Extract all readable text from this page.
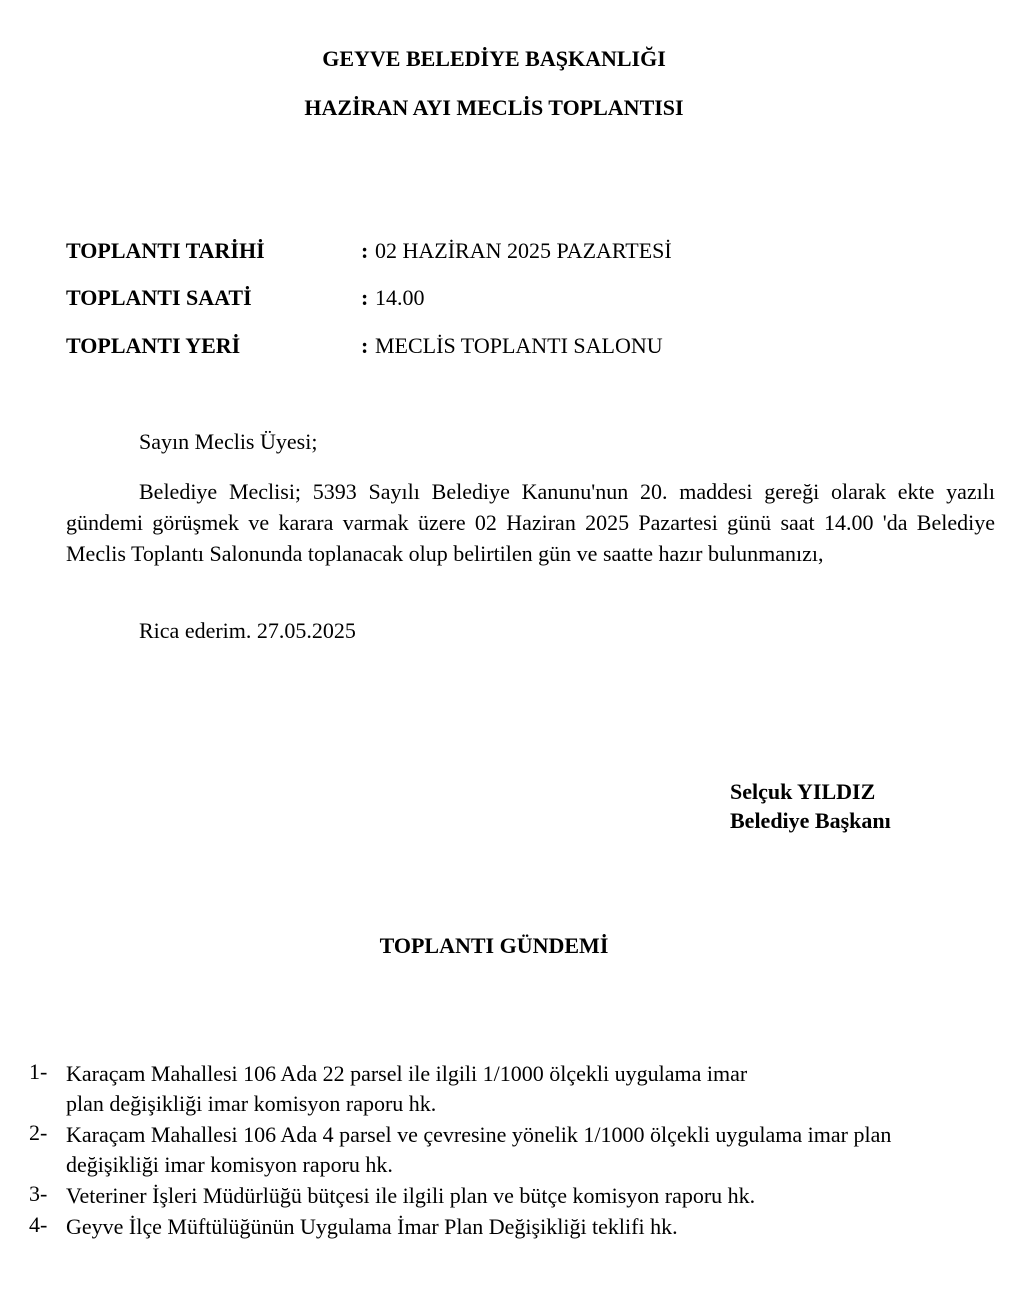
GEYVE BELEDİYE BAŞKANLIĞI
HAZİRAN AYI MECLİS TOPLANTISI
TOPLANTI TARİHİ	: 02 HAZİRAN 2025 PAZARTESİ
TOPLANTI SAATİ	: 14.00
TOPLANTI YERİ	: MECLİS TOPLANTI SALONU
Sayın Meclis Üyesi;
Belediye Meclisi; 5393 Sayılı Belediye Kanunu'nun 20. maddesi gereği olarak ekte yazılı gündemi görüşmek ve karara varmak üzere 02 Haziran 2025 Pazartesi günü saat 14.00 'da Belediye Meclis Toplantı Salonunda toplanacak olup belirtilen gün ve saatte hazır bulunmanızı,
Rica ederim. 27.05.2025
Selçuk YILDIZ
Belediye Başkanı
TOPLANTI GÜNDEMİ
1- Karaçam Mahallesi 106 Ada 22 parsel ile ilgili 1/1000 ölçekli uygulama imar
plan değişikliği imar komisyon raporu hk.
2- Karaçam Mahallesi 106 Ada 4 parsel ve çevresine yönelik 1/1000 ölçekli uygulama imar plan
değişikliği imar komisyon raporu hk.
3- Veteriner İşleri Müdürlüğü bütçesi ile ilgili plan ve bütçe komisyon raporu hk.
4- Geyve İlçe Müftülüğünün Uygulama İmar Plan Değişikliği teklifi hk.
